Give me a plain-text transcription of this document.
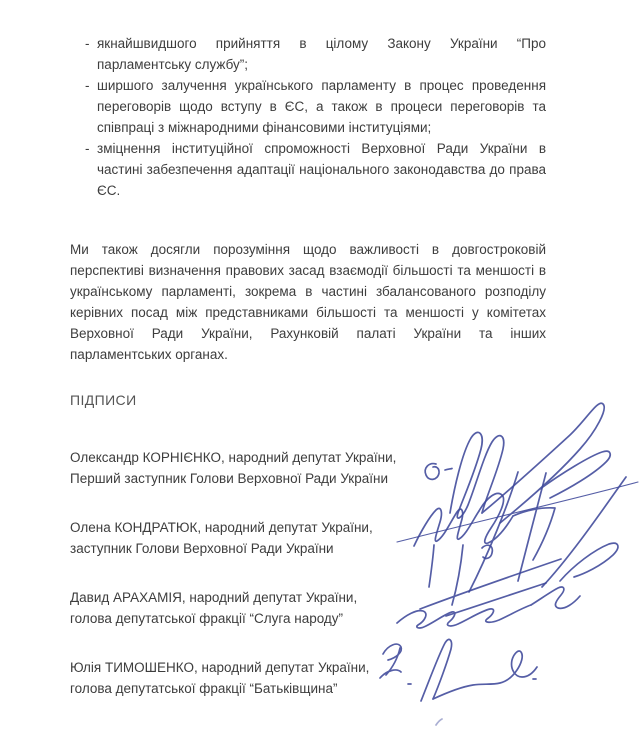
- якнайшвидшого прийняття в цілому Закону України “Про парламентську службу”;
- ширшого залучення українського парламенту в процес проведення переговорів щодо вступу в ЄС, а також в процеси переговорів та співпраці з міжнародними фінансовими інституціями;
- зміцнення інституційної спроможності Верховної Ради України в частині забезпечення адаптації національного законодавства до права ЄС.

Ми також досягли порозуміння щодо важливості в довгостроковій перспективі визначення правових засад взаємодії більшості та меншості в українському парламенті, зокрема в частині збалансованого розподілу керівних посад між представниками більшості та меншості у комітетах Верховної Ради України, Рахунковій палаті України та інших парламентських органах.

ПІДПИСИ
Олександр КОРНІЄНКО, народний депутат України,
Перший заступник Голови Верховної Ради України
Олена КОНДРАТЮК, народний депутат України,
заступник Голови Верховної Ради України
Давид АРАХАМІЯ, народний депутат України,
голова депутатської фракції “Слуга народу”
Юлія ТИМОШЕНКО, народний депутат України,
голова депутатської фракції “Батьківщина”
